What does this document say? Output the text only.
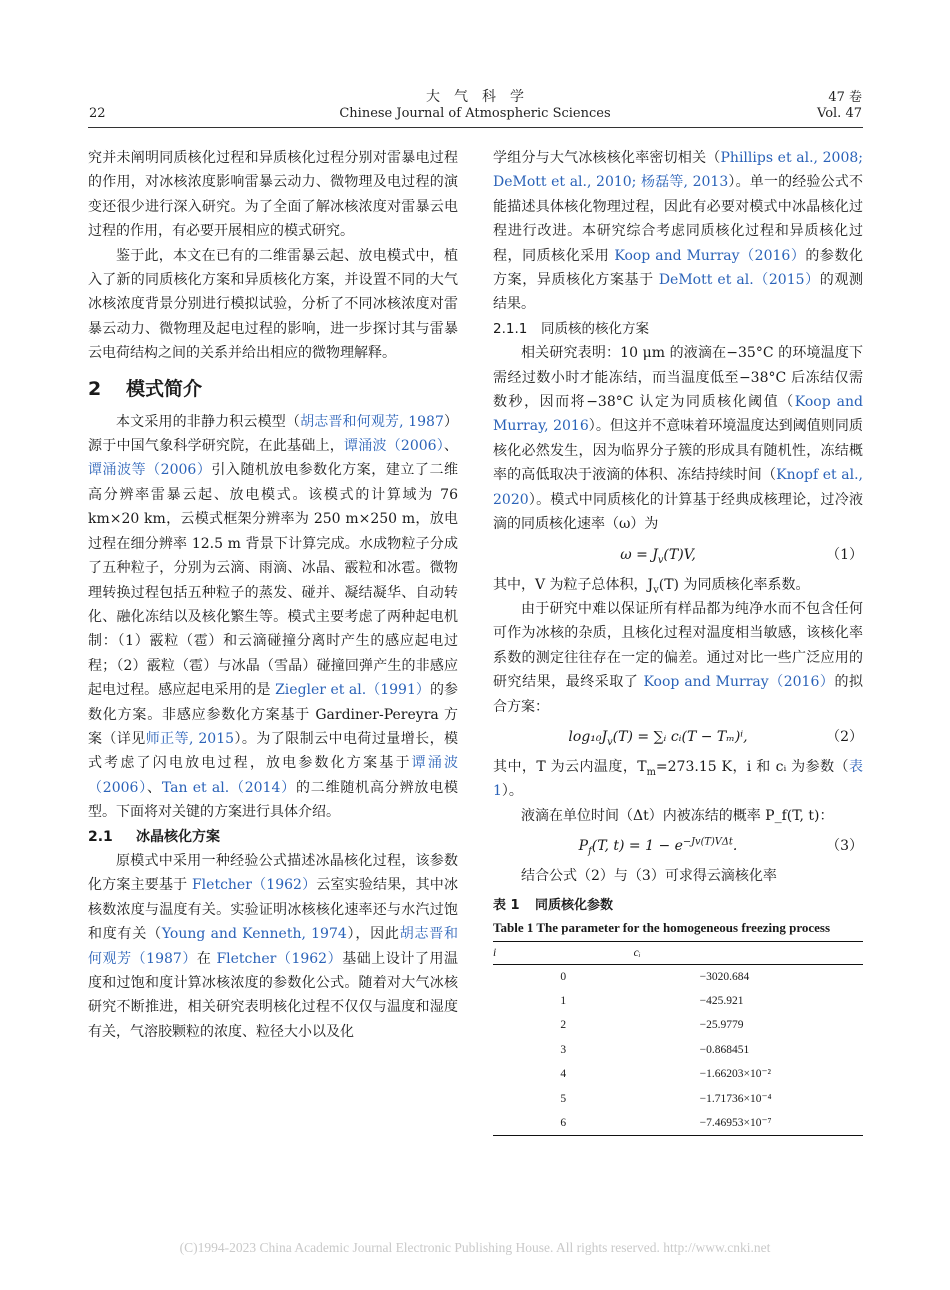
大　气　科　学
Chinese Journal of Atmospheric Sciences
22
47 卷
Vol. 47

究并未阐明同质核化过程和异质核化过程分别对雷暴电过程的作用，对冰核浓度影响雷暴云动力、微物理及电过程的演变还很少进行深入研究。为了全面了解冰核浓度对雷暴云电过程的作用，有必要开展相应的模式研究。

鉴于此，本文在已有的二维雷暴云起、放电模式中，植入了新的同质核化方案和异质核化方案，并设置不同的大气冰核浓度背景分别进行模拟试验，分析了不同冰核浓度对雷暴云动力、微物理及起电过程的影响，进一步探讨其与雷暴云电荷结构之间的关系并给出相应的微物理解释。

2 模式简介

本文采用的非静力积云模型（胡志晋和何观芳, 1987）源于中国气象科学研究院，在此基础上，谭涌波（2006）、谭涌波等（2006）引入随机放电参数化方案，建立了二维高分辨率雷暴云起、放电模式。该模式的计算域为 76 km×20 km，云模式框架分辨率为 250 m×250 m，放电过程在细分辨率 12.5 m 背景下计算完成。水成物粒子分成了五种粒子，分别为云滴、雨滴、冰晶、霰粒和冰雹。微物理转换过程包括五种粒子的蒸发、碰并、凝结凝华、自动转化、融化冻结以及核化繁生等。模式主要考虑了两种起电机制：（1）霰粒（雹）和云滴碰撞分离时产生的感应起电过程；（2）霰粒（雹）与冰晶（雪晶）碰撞回弹产生的非感应起电过程。感应起电采用的是 Ziegler et al.（1991）的参数化方案。非感应参数化方案基于 Gardiner-Pereyra 方案（详见师正等, 2015）。为了限制云中电荷过量增长，模式考虑了闪电放电过程，放电参数化方案基于谭涌波（2006）、Tan et al.（2014）的二维随机高分辨放电模型。下面将对关键的方案进行具体介绍。

2.1 冰晶核化方案

原模式中采用一种经验公式描述冰晶核化过程，该参数化方案主要基于 Fletcher（1962）云室实验结果，其中冰核数浓度与温度有关。实验证明冰核核化速率还与水汽过饱和度有关（Young and Kenneth, 1974），因此胡志晋和何观芳（1987）在 Fletcher（1962）基础上设计了用温度和过饱和度计算冰核浓度的参数化公式。随着对大气冰核研究不断推进，相关研究表明核化过程不仅仅与温度和湿度有关，气溶胶颗粒的浓度、粒径大小以及化

学组分与大气冰核核化率密切相关（Phillips et al., 2008; DeMott et al., 2010; 杨磊等, 2013）。单一的经验公式不能描述具体核化物理过程，因此有必要对模式中冰晶核化过程进行改进。本研究综合考虑同质核化过程和异质核化过程，同质核化采用 Koop and Murray（2016）的参数化方案，异质核化方案基于 DeMott et al.（2015）的观测结果。

2.1.1 同质核的核化方案

相关研究表明：10 μm 的液滴在−35°C 的环境温度下需经过数小时才能冻结，而当温度低至−38°C 后冻结仅需数秒，因而将−38°C 认定为同质核化阈值（Koop and Murray, 2016）。但这并不意味着环境温度达到阈值则同质核化必然发生，因为临界分子簇的形成具有随机性，冻结概率的高低取决于液滴的体积、冻结持续时间（Knopf et al., 2020）。模式中同质核化的计算基于经典成核理论，过冷液滴的同质核化速率（ω）为

$\omega = J_v(T)V$,	（1）

其中，V 为粒子总体积，$J_v(T)$ 为同质核化率系数。

由于研究中难以保证所有样品都为纯净水而不包含任何可作为冰核的杂质，且核化过程对温度相当敏感，该核化率系数的测定往往存在一定的偏差。通过对比一些广泛应用的研究结果，最终采取了 Koop and Murray（2016）的拟合方案：

$\log_{10}J_v(T)$ = ∑ᵢ cᵢ(T − Tₘ)ⁱ,	（2）

其中，T 为云内温度，$T_m=273.15$ K，i 和 cᵢ 为参数（表 1）。

液滴在单位时间（Δt）内被冻结的概率 P_f(T, t)：

$P_f(T$, $t) = 1 - e^{-Jv(T)V\Delta t}$.	（3）

结合公式（2）与（3）可求得云滴核化率

表 1 同质核化参数
Table 1 The parameter for the homogeneous freezing process
i	cᵢ
0	−3020.684
1	−425.921
2	−25.9779
3	−0.868451
4	−1.66203×10⁻²
5	−1.71736×10⁻⁴
6	−7.46953×10⁻⁷
(C)1994-2023 China Academic Journal Electronic Publishing House. All rights reserved. http://www.cnki.net
